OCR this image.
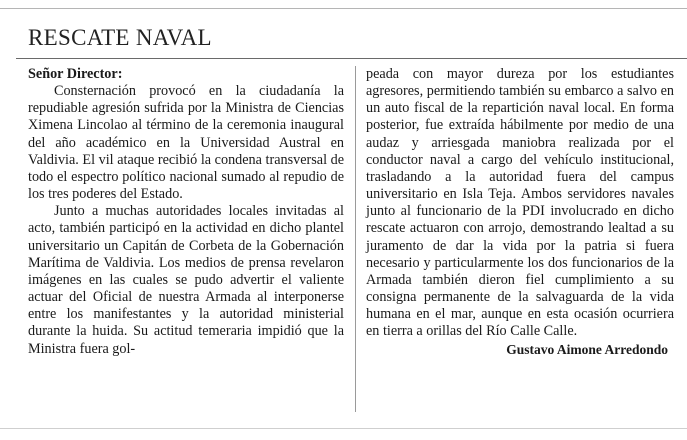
RESCATE NAVAL
Señor Director:

Consternación provocó en la ciudadanía la repudiable agresión sufrida por la Ministra de Ciencias Ximena Lincolao al término de la ceremonia inaugural del año académico en la Universidad Austral en Valdivia. El vil ataque recibió la condena transversal de todo el espectro político nacional sumado al repudio de los tres poderes del Estado.

Junto a muchas autoridades locales invitadas al acto, también participó en la actividad en dicho plantel universitario un Capitán de Corbeta de la Gobernación Marítima de Valdivia. Los medios de prensa revelaron imágenes en las cuales se pudo advertir el valiente actuar del Oficial de nuestra Armada al interponerse entre los manifestantes y la autoridad ministerial durante la huida. Su actitud temeraria impidió que la Ministra fuera gol-

peada con mayor dureza por los estudiantes agresores, permitiendo también su embarco a salvo en un auto fiscal de la repartición naval local. En forma posterior, fue extraída hábilmente por medio de una audaz y arriesgada maniobra realizada por el conductor naval a cargo del vehículo institucional, trasladando a la autoridad fuera del campus universitario en Isla Teja. Ambos servidores navales junto al funcionario de la PDI involucrado en dicho rescate actuaron con arrojo, demostrando lealtad a su juramento de dar la vida por la patria si fuera necesario y particularmente los dos funcionarios de la Armada también dieron fiel cumplimiento a su consigna permanente de la salvaguarda de la vida humana en el mar, aunque en esta ocasión ocurriera en tierra a orillas del Río Calle Calle.

Gustavo Aimone Arredondo
